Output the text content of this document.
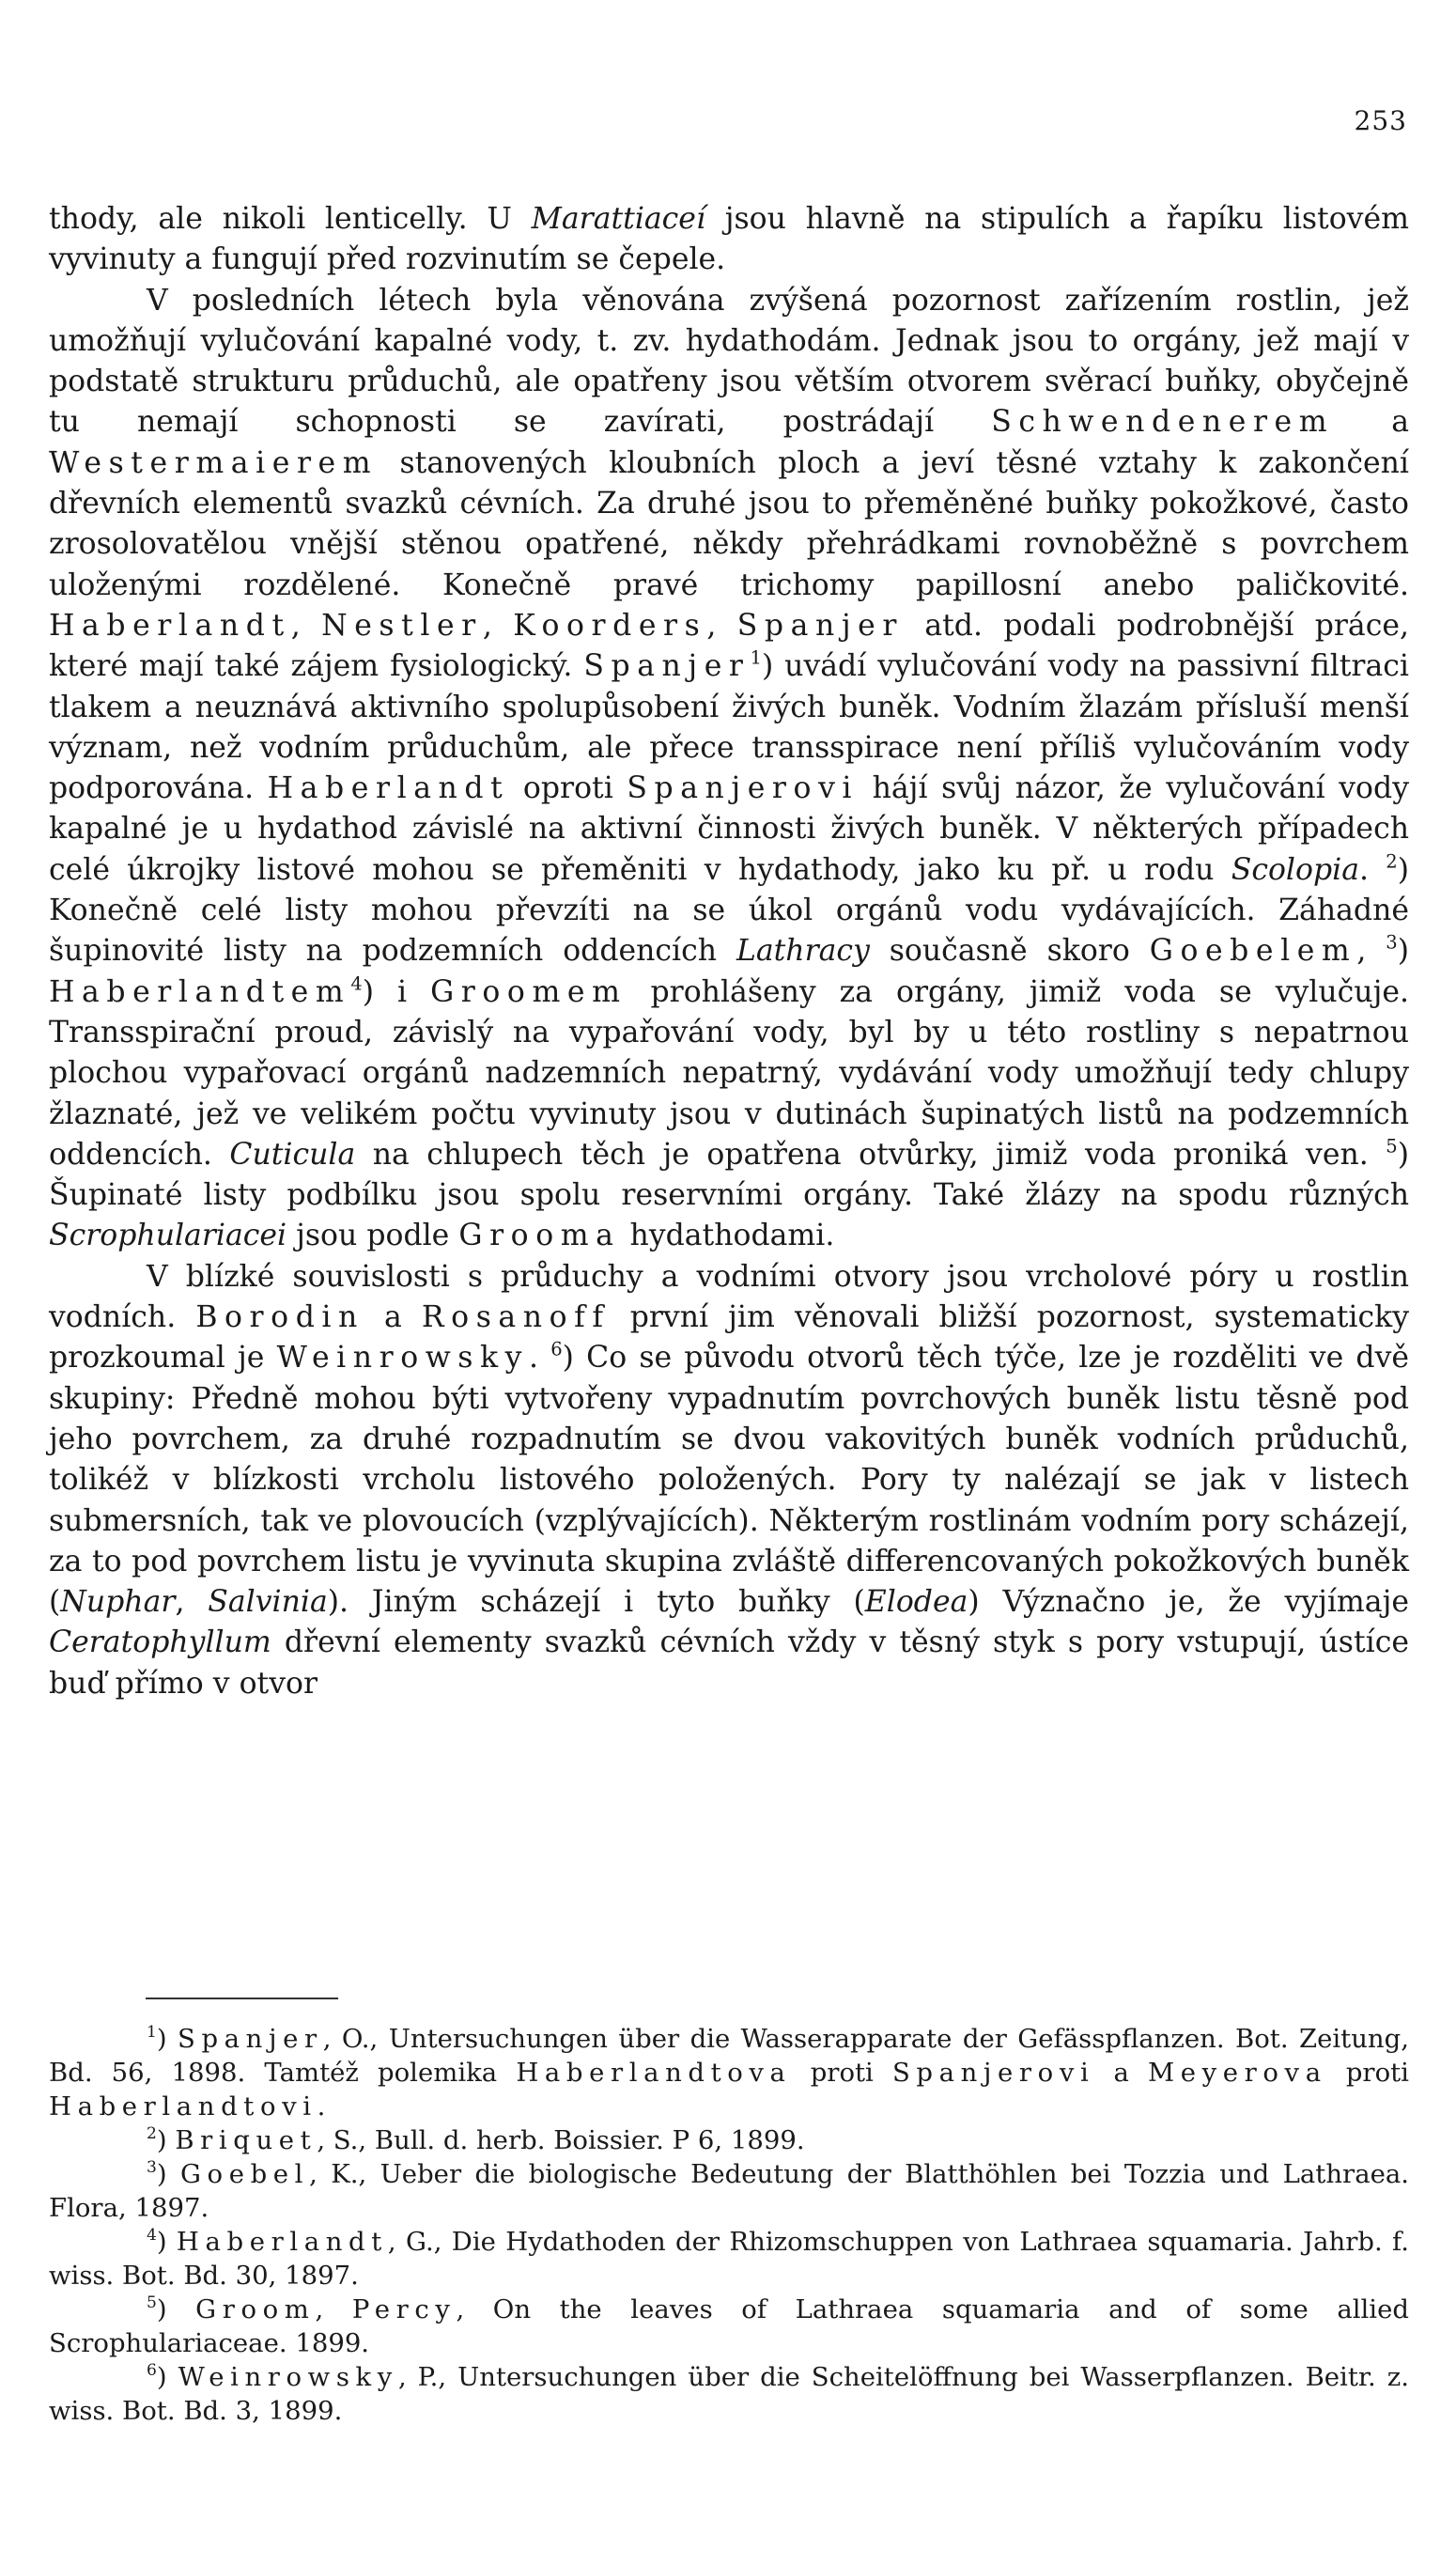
253

thody, ale nikoli lenticelly. U Marattiaceí jsou hlavně na stipulích a řapíku listovém vyvinuty a fungují před rozvinutím se čepele.

V posledních létech byla věnována zvýšená pozornost zařízením rostlin, jež umožňují vylučování kapalné vody, t. zv. hydathodám. Jednak jsou to orgány, jež mají v podstatě strukturu průduchů, ale opatřeny jsou větším otvorem svěrací buňky, obyčejně tu nemají schopnosti se zavírati, postrádají Schwendenerem a Westermaierem stanovených kloubních ploch a jeví těsné vztahy k zakončení dřevních elementů svazků cévních. Za druhé jsou to přeměněné buňky pokožkové, často zrosolovatělou vnější stěnou opatřené, někdy přehrádkami rovnoběžně s povrchem uloženými rozdělené. Konečně pravé trichomy papillosní anebo paličkovité. Haberlandt, Nestler, Koorders, Spanjer atd. podali podrobnější práce, které mají také zájem fysiologický. Spanjer$^1$) uvádí vylučování vody na passivní filtraci tlakem a neuznává aktivního spolupůsobení živých buněk. Vodním žlazám přísluší menší význam, než vodním průduchům, ale přece transspirace není příliš vylučováním vody podporována. Haberlandt oproti Spanjerovi hájí svůj názor, že vylučování vody kapalné je u hydathod závislé na aktivní činnosti živých buněk. V některých případech celé úkrojky listové mohou se přeměniti v hydathody, jako ku př. u rodu Scolopia. $^2$) Konečně celé listy mohou převzíti na se úkol orgánů vodu vydávajících. Záhadné šupinovité listy na podzemních oddencích Lathracy současně skoro Goebelem, $^3$) Haberlandtem$^4$) i Groomem prohlášeny za orgány, jimiž voda se vylučuje. Transspirační proud, závislý na vypařování vody, byl by u této rostliny s nepatrnou plochou vypařovací orgánů nadzemních nepatrný, vydávání vody umožňují tedy chlupy žlaznaté, jež ve velikém počtu vyvinuty jsou v dutinách šupinatých listů na podzemních oddencích. Cuticula na chlupech těch je opatřena otvůrky, jimiž voda proniká ven. $^5$) Šupinaté listy podbílku jsou spolu reservními orgány. Také žlázy na spodu různých Scrophulariacei jsou podle Grooma hydathodami.

V blízké souvislosti s průduchy a vodními otvory jsou vrcholové póry u rostlin vodních. Borodin a Rosanoff první jim věnovali bližší pozornost, systematicky prozkoumal je Weinrowsky. $^6$) Co se původu otvorů těch týče, lze je rozděliti ve dvě skupiny: Předně mohou býti vytvořeny vypadnutím povrchových buněk listu těsně pod jeho povrchem, za druhé rozpadnutím se dvou vakovitých buněk vodních průduchů, tolikéž v blízkosti vrcholu listového položených. Pory ty nalézají se jak v listech submersních, tak ve plovoucích (vzplývajících). Některým rostlinám vodním pory scházejí, za to pod povrchem listu je vyvinuta skupina zvláště differencovaných pokožkových buněk (Nuphar, Salvinia). Jiným scházejí i tyto buňky (Elodea) Význačno je, že vyjímaje Ceratophyllum dřevní elementy svazků cévních vždy v těsný styk s pory vstupují, ústíce buď přímo v otvor

$^1$) Spanjer, O., Untersuchungen über die Wasserapparate der Gefässpflanzen. Bot. Zeitung, Bd. 56, 1898. Tamtéž polemika Haberlandtova proti Spanjerovi a Meyerova proti Haberlandtovi.

$^2$) Briquet, S., Bull. d. herb. Boissier. P 6, 1899.

$^3$) Goebel, K., Ueber die biologische Bedeutung der Blatthöhlen bei Tozzia und Lathraea. Flora, 1897.

$^4$) Haberlandt, G., Die Hydathoden der Rhizomschuppen von Lathraea squamaria. Jahrb. f. wiss. Bot. Bd. 30, 1897.

$^5$) Groom, Percy, On the leaves of Lathraea squamaria and of some allied Scrophulariaceae. 1899.

$^6$) Weinrowsky, P., Untersuchungen über die Scheitelöffnung bei Wasserpflanzen. Beitr. z. wiss. Bot. Bd. 3, 1899.
